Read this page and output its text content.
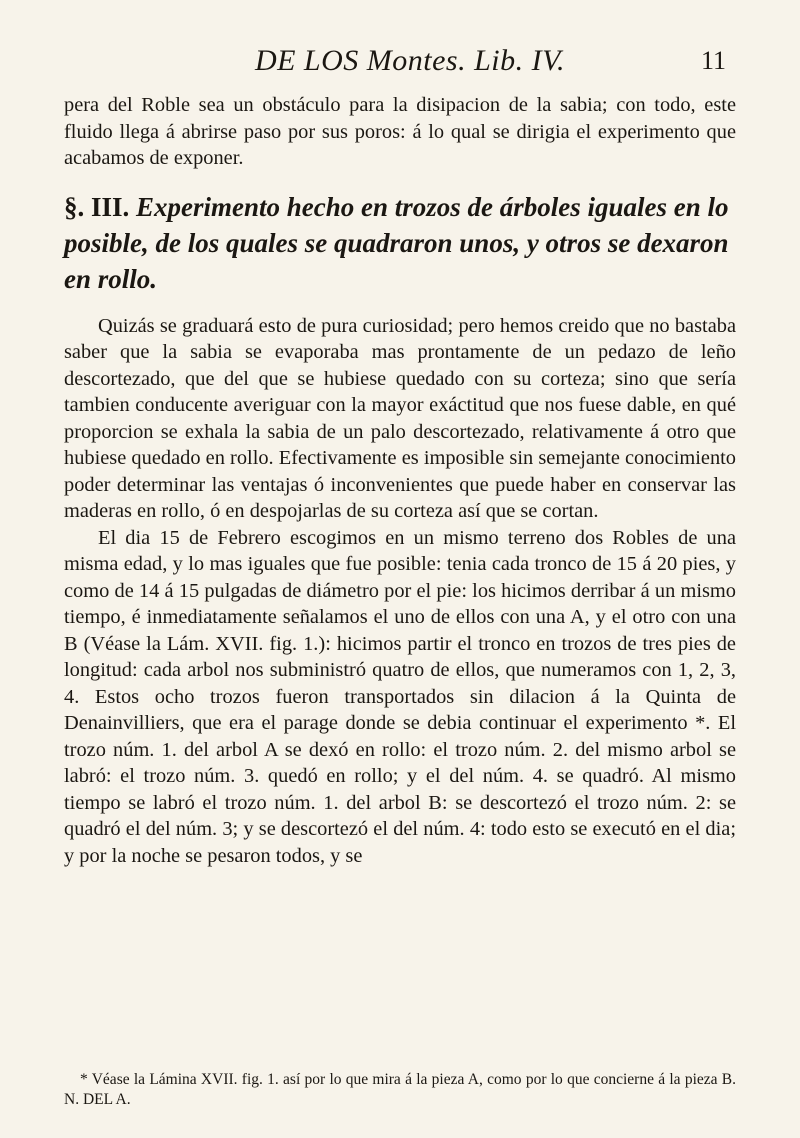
DE LOS Montes. Lib. IV.	11

pera del Roble sea un obstáculo para la disipacion de la sabia; con todo, este fluido llega á abrirse paso por sus poros: á lo qual se dirigia el experimento que acabamos de exponer.

§. III. Experimento hecho en trozos de árboles iguales en lo posible, de los quales se quadraron unos, y otros se dexaron en rollo.

Quizás se graduará esto de pura curiosidad; pero hemos creido que no bastaba saber que la sabia se evaporaba mas prontamente de un pedazo de leño descortezado, que del que se hubiese quedado con su corteza; sino que sería tambien conducente averiguar con la mayor exáctitud que nos fuese dable, en qué proporcion se exhala la sabia de un palo descortezado, relativamente á otro que hubiese quedado en rollo. Efectivamente es imposible sin semejante conocimiento poder determinar las ventajas ó inconvenientes que puede haber en conservar las maderas en rollo, ó en despojarlas de su corteza así que se cortan.

El dia 15 de Febrero escogimos en un mismo terreno dos Robles de una misma edad, y lo mas iguales que fue posible: tenia cada tronco de 15 á 20 pies, y como de 14 á 15 pulgadas de diámetro por el pie: los hicimos derribar á un mismo tiempo, é inmediatamente señalamos el uno de ellos con una A, y el otro con una B (Véase la Lám. XVII. fig. 1.): hicimos partir el tronco en trozos de tres pies de longitud: cada arbol nos subministró quatro de ellos, que numeramos con 1, 2, 3, 4. Estos ocho trozos fueron transportados sin dilacion á la Quinta de Denainvilliers, que era el parage donde se debia continuar el experimento *. El trozo núm. 1. del arbol A se dexó en rollo: el trozo núm. 2. del mismo arbol se labró: el trozo núm. 3. quedó en rollo; y el del núm. 4. se quadró. Al mismo tiempo se labró el trozo núm. 1. del arbol B: se descortezó el trozo núm. 2: se quadró el del núm. 3; y se descortezó el del núm. 4: todo esto se executó en el dia; y por la noche se pesaron todos, y se

* Véase la Lámina XVII. fig. 1. así por lo que mira á la pieza A, como por lo que concierne á la pieza B. N. DEL A.
